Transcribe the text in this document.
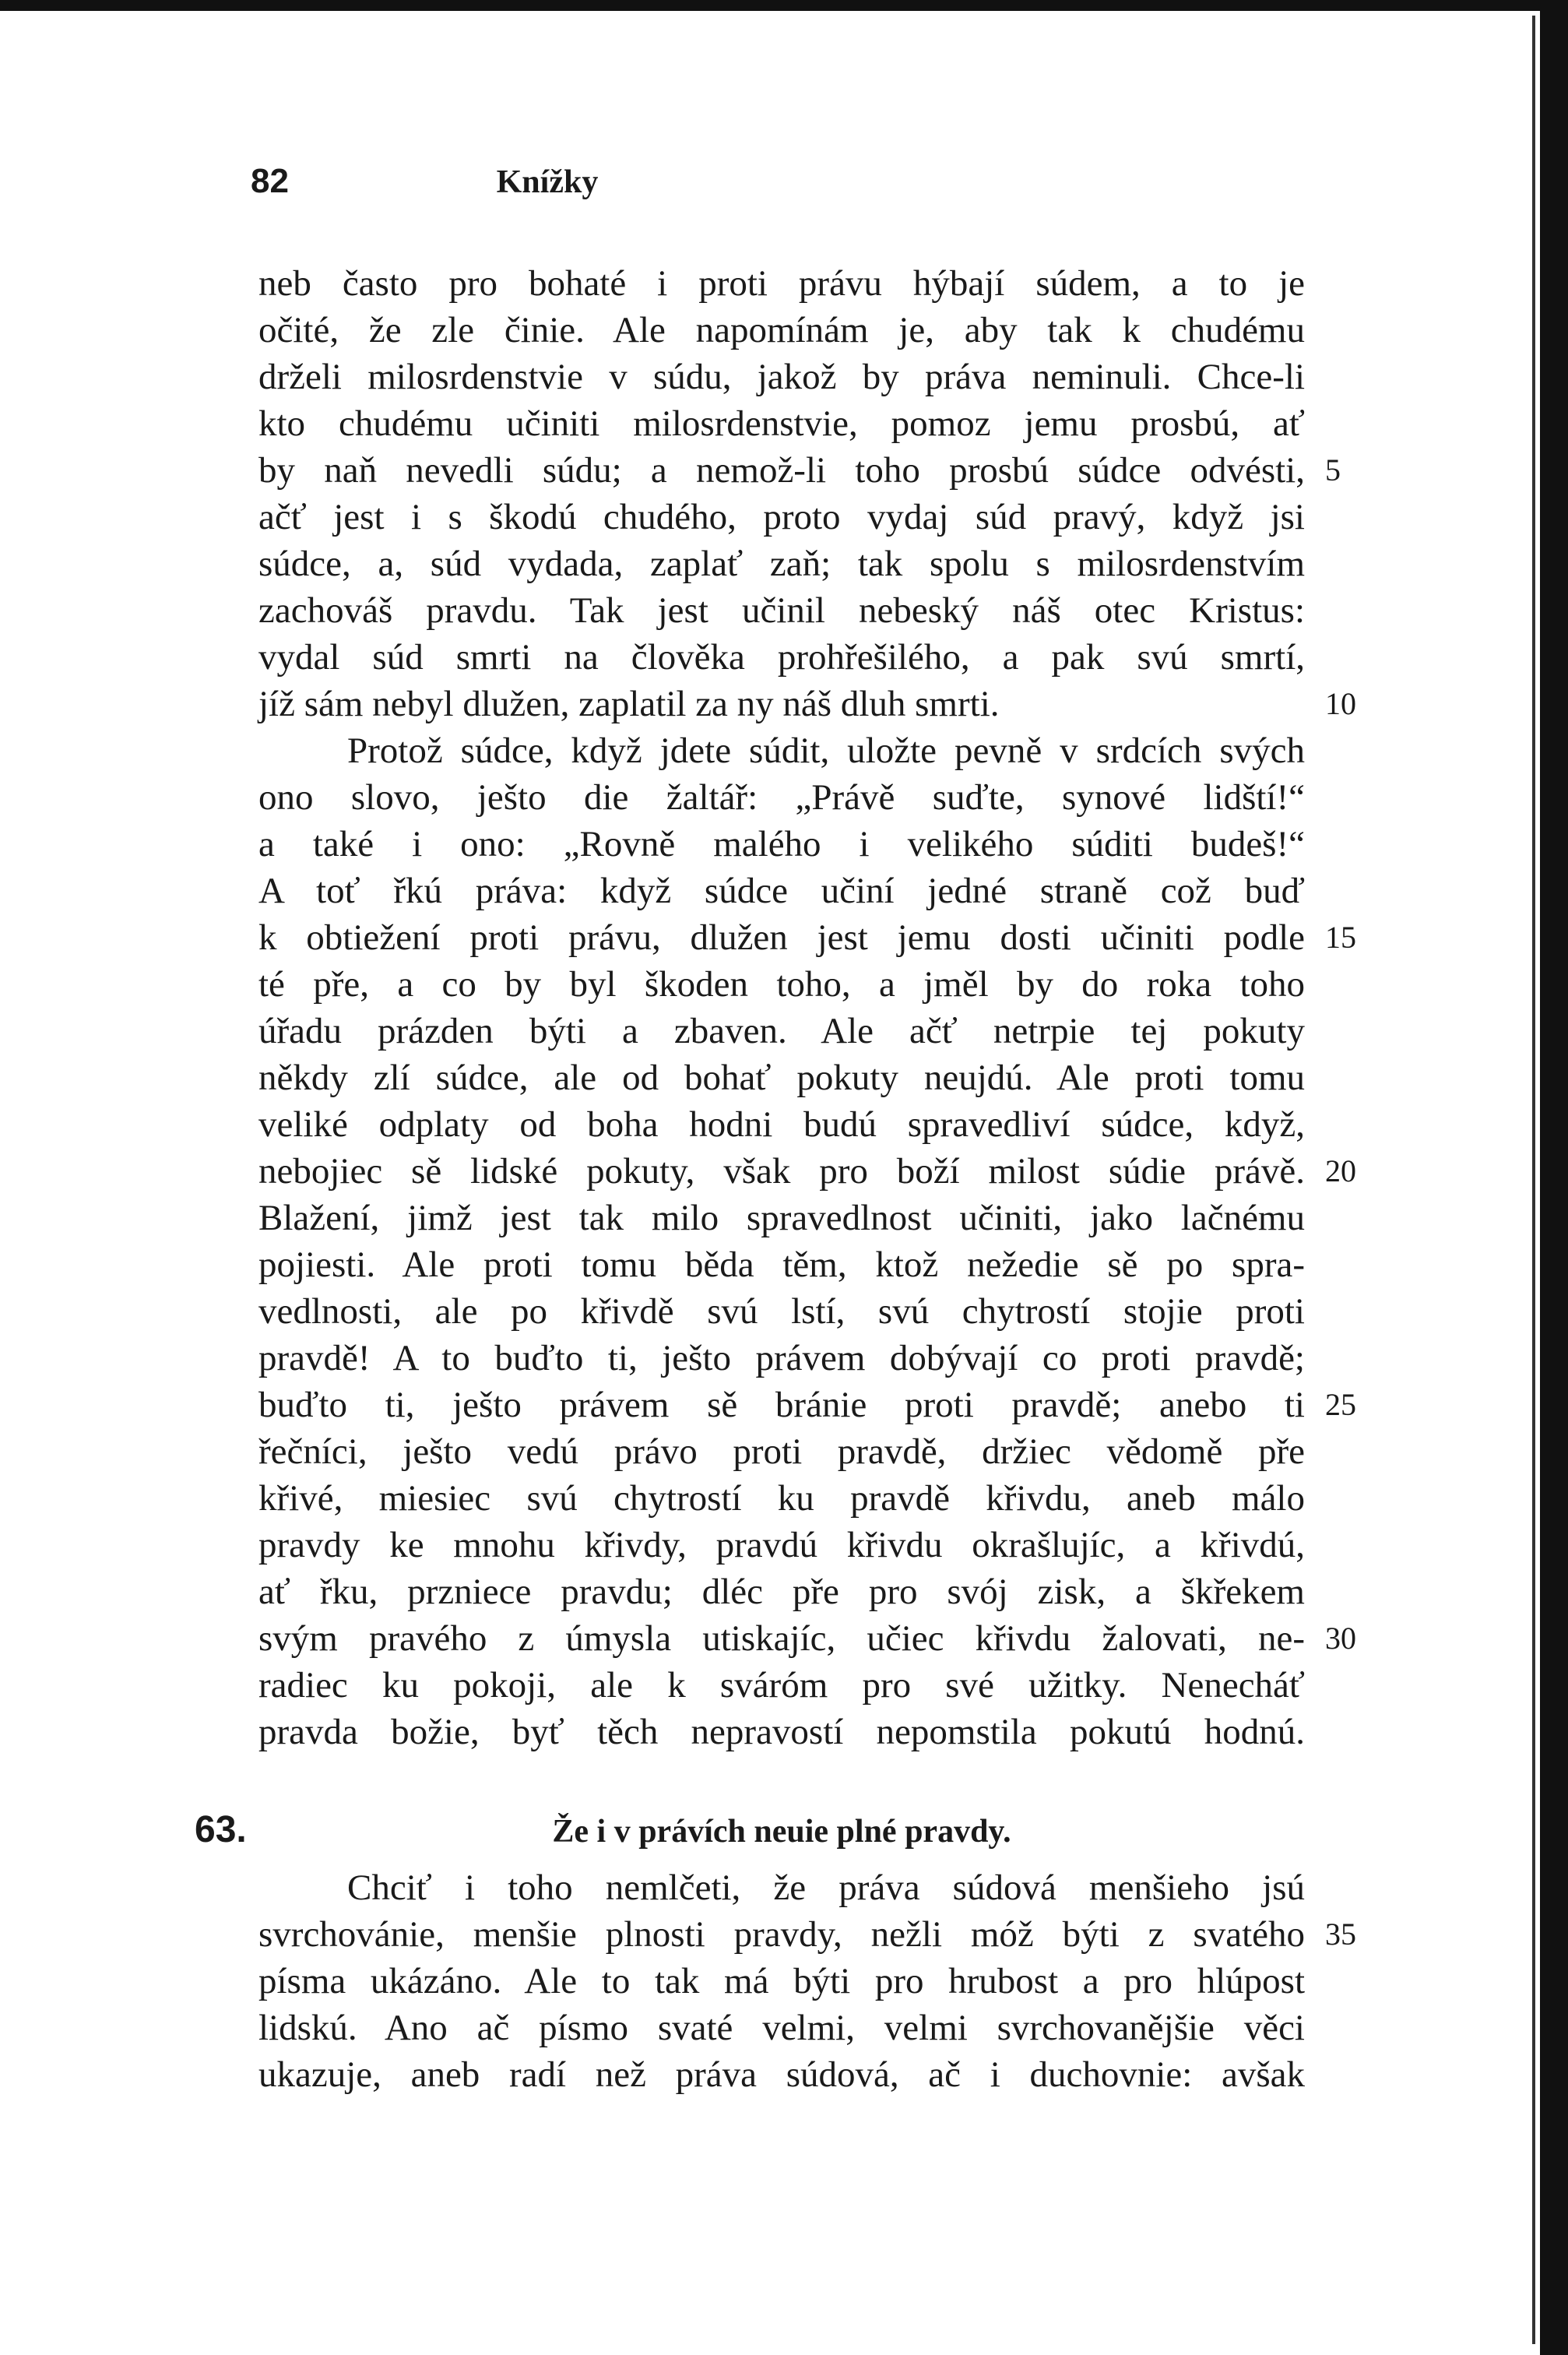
82	Knížky
neb často pro bohaté i proti právu hýbají súdem, a to je
očité, že zle činie. Ale napomínám je, aby tak k chudému
drželi milosrdenstvie v súdu, jakož by práva neminuli. Chce-li
kto chudému učiniti milosrdenstvie, pomoz jemu prosbú, ať
by naň nevedli súdu; a nemož-li toho prosbú súdce odvésti,
ačť jest i s škodú chudého, proto vydaj súd pravý, když jsi
súdce, a, súd vydada, zaplať zaň; tak spolu s milosrdenstvím
zachováš pravdu. Tak jest učinil nebeský náš otec Kristus:
vydal súd smrti na člověka prohřešilého, a pak svú smrtí,
jíž sám nebyl dlužen, zaplatil za ny náš dluh smrti.
Protož súdce, když jdete súdit, uložte pevně v srdcích svých
ono slovo, ješto die žaltář: „Právě suďte, synové lidští!“
a také i ono: „Rovně malého i velikého súditi budeš!“
A toť řkú práva: když súdce učiní jedné straně což buď
k obtiežení proti právu, dlužen jest jemu dosti učiniti podle
té pře, a co by byl škoden toho, a jměl by do roka toho
úřadu prázden býti a zbaven. Ale ačť netrpie tej pokuty
někdy zlí súdce, ale od bohať pokuty neujdú. Ale proti tomu
veliké odplaty od boha hodni budú spravedliví súdce, když,
nebojiec sě lidské pokuty, však pro boží milost súdie právě.
Blažení, jimž jest tak milo spravedlnost učiniti, jako lačnému
pojiesti. Ale proti tomu běda těm, ktož nežedie sě po spra-
vedlnosti, ale po křivdě svú lstí, svú chytrostí stojie proti
pravdě! A to buďto ti, ješto právem dobývají co proti pravdě;
buďto ti, ješto právem sě bránie proti pravdě; anebo ti
řečníci, ješto vedú právo proti pravdě, držiec vědomě pře
křivé, miesiec svú chytrostí ku pravdě křivdu, aneb málo
pravdy ke mnohu křivdy, pravdú křivdu okrašlujíc, a křivdú,
ať řku, przniece pravdu; dléc pře pro svój zisk, a škřekem
svým pravého z úmysla utiskajíc, učiec křivdu žalovati, ne-
radiec ku pokoji, ale k sváróm pro své užitky. Nenecháť
pravda božie, byť těch nepravostí nepomstila pokutú hodnú.
63.	Že i v právích neuie plné pravdy.
Chciť i toho nemlčeti, že práva súdová menšieho jsú
svrchovánie, menšie plnosti pravdy, nežli móž býti z svatého
písma ukázáno. Ale to tak má býti pro hrubost a pro hlúpost
lidskú. Ano ač písmo svaté velmi, velmi svrchovanějšie věci
ukazuje, aneb radí než práva súdová, ač i duchovnie: avšak
5
10
15
20
25
30
35
